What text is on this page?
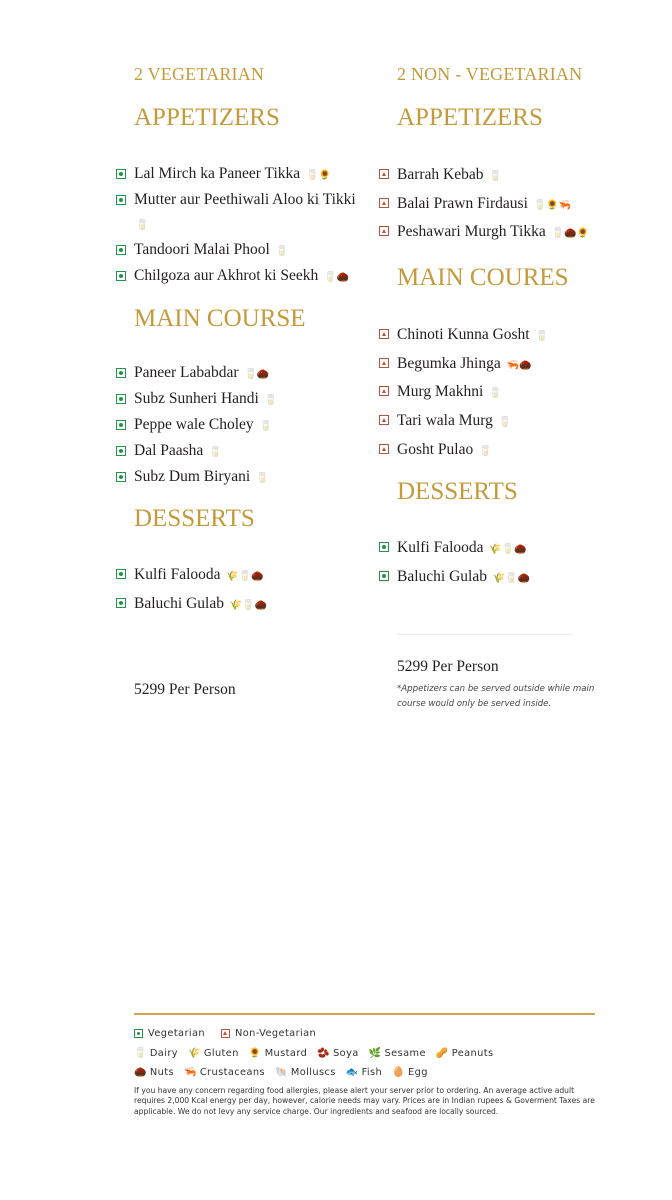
2 VEGETARIAN
APPETIZERS
Lal Mirch ka Paneer Tikka 🥛🌻
Mutter aur Peethiwali Aloo ki Tikki 🥛
Tandoori Malai Phool 🥛
Chilgoza aur Akhrot ki Seekh 🥛🌰
MAIN COURSE
Paneer Lababdar 🥛🌰
Subz Sunheri Handi 🥛
Peppe wale Choley 🥛
Dal Paasha 🥛
Subz Dum Biryani 🥛
DESSERTS
Kulfi Falooda 🌾🥛🌰
Baluchi Gulab 🌾🥛🌰
5299 Per Person
2 NON - VEGETARIAN
APPETIZERS
Barrah Kebab 🥛
Balai Prawn Firdausi 🥛🌻🦐
Peshawari Murgh Tikka 🥛🌰🌻
MAIN COURES
Chinoti Kunna Gosht 🥛
Begumka Jhinga 🦐🌰
Murg Makhni 🥛
Tari wala Murg 🥛
Gosht Pulao 🥛
DESSERTS
Kulfi Falooda 🌾🥛🌰
Baluchi Gulab 🌾🥛🌰
5299 Per Person
*Appetizers can be served outside while main course would only be served inside.
Vegetarian	Non-Vegetarian
🥛 Dairy 🌾 Gluten 🌻 Mustard 🫘 Soya 🌿 Sesame 🥜 Peanuts
🌰 Nuts 🦐 Crustaceans 🐚 Molluscs 🐟 Fish 🥚 Egg
If you have any concern regarding food allergies, please alert your server prior to ordering. An average active adult requires 2,000 Kcal energy per day, however, calorie needs may vary. Prices are in Indian rupees & Goverment Taxes are applicable. We do not levy any service charge. Our ingredients and seafood are locally sourced.
